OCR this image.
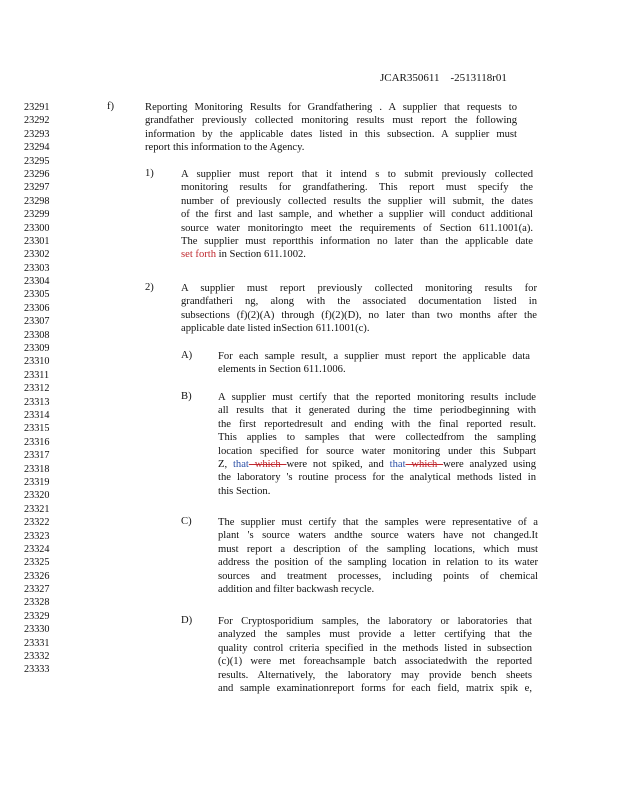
JCAR350611 -2513118r01
23291
23292
23293
23294
23295
23296
23297
23298
23299
23300
23301
23302
23303
23304
23305
23306
23307
23308
23309
23310
23311
23312
23313
23314
23315
23316
23317
23318
23319
23320
23321
23322
23323
23324
23325
23326
23327
23328
23329
23330
23331
23332
23333
f)	Reporting Monitoring Results for Grandfathering . A supplier that requests to
grandfather previously collected monitoring results must report the following
information by the applicable dates listed in this subsection. A supplier must
report this information to the Agency.
1)	A supplier must report that it intend s to submit previously collected
monitoring results for grandfathering. This report must specify the
number of previously collected results the supplier will submit, the dates
of the first and last sample, and whether a supplier will conduct additional
source water monitoringto meet the requirements of Section 611.1001(a).
The supplier must reportthis information no later than the applicable date
set forth in Section 611.1002.
2)	A supplier must report previously collected monitoring results for
grandfatheri ng, along with the associated documentation listed in
subsections (f)(2)(A) through (f)(2)(D), no later than two months after the
applicable date listed inSection 611.1001(c).
A) For each sample result, a supplier must report the applicable data
elements in Section 611.1006.
B) A supplier must certify that the reported monitoring results include
all results that it generated during the time periodbeginning with
the first reportedresult and ending with the final reported result.
This applies to samples that were collectedfrom the sampling
location specified for source water monitoring under this Subpart
Z, that which were not spiked, and that which were analyzed using
the laboratory 's routine process for the analytical methods listed in
this Section.
C) The supplier must certify that the samples were representative of a
plant 's source waters andthe source waters have not changed.It
must report a description of the sampling locations, which must
address the position of the sampling location in relation to its water
sources and treatment processes, including points of chemical
addition and filter backwash recycle.
D) For Cryptosporidium samples, the laboratory or laboratories that
analyzed the samples must provide a letter certifying that the
quality control criteria specified in the methods listed in subsection
(c)(1) were met foreachsample batch associatedwith the reported
results. Alternatively, the laboratory may provide bench sheets
and sample examinationreport forms for each field, matrix spik e,
